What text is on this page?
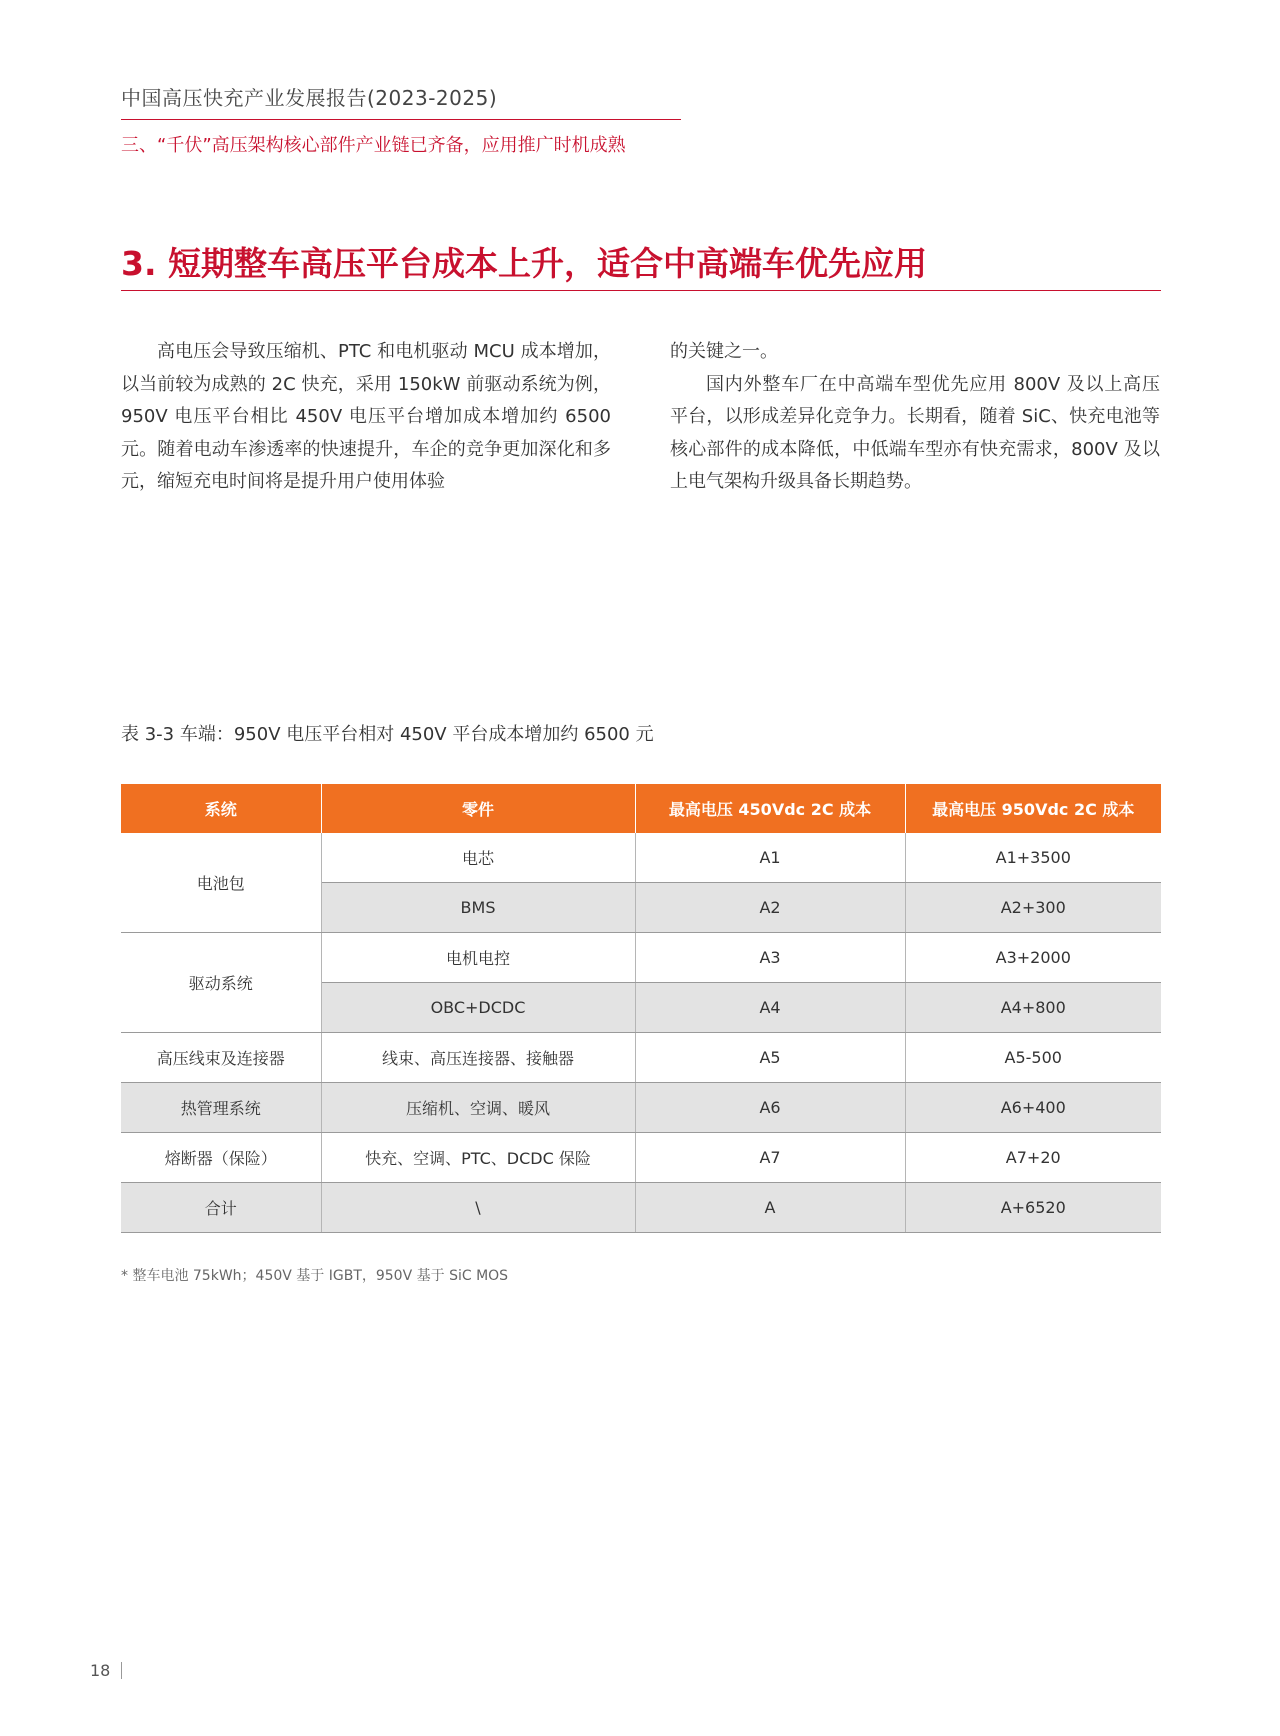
中国高压快充产业发展报告(2023-2025)
三、“千伏”高压架构核心部件产业链已齐备，应用推广时机成熟
3. 短期整车高压平台成本上升，适合中高端车优先应用

高电压会导致压缩机、PTC 和电机驱动 MCU 成本增加，以当前较为成熟的 2C 快充，采用 150kW 前驱动系统为例，950V 电压平台相比 450V 电压平台增加成本增加约 6500 元。随着电动车渗透率的快速提升，车企的竞争更加深化和多元，缩短充电时间将是提升用户使用体验

的关键之一。

国内外整车厂在中高端车型优先应用 800V 及以上高压平台，以形成差异化竞争力。长期看，随着 SiC、快充电池等核心部件的成本降低，中低端车型亦有快充需求，800V 及以上电气架构升级具备长期趋势。

表 3-3 车端：950V 电压平台相对 450V 平台成本增加约 6500 元
系统	零件	最高电压 450Vdc 2C 成本	最高电压 950Vdc 2C 成本
电池包	电芯	A1	A1+3500
	BMS	A2	A2+300
驱动系统	电机电控	A3	A3+2000
	OBC+DCDC	A4	A4+800
高压线束及连接器	线束、高压连接器、接触器	A5	A5-500
热管理系统	压缩机、空调、暖风	A6	A6+400
熔断器（保险）	快充、空调、PTC、DCDC 保险	A7	A7+20
合计	\	A	A+6520
* 整车电池 75kWh；450V 基于 IGBT，950V 基于 SiC MOS
18
